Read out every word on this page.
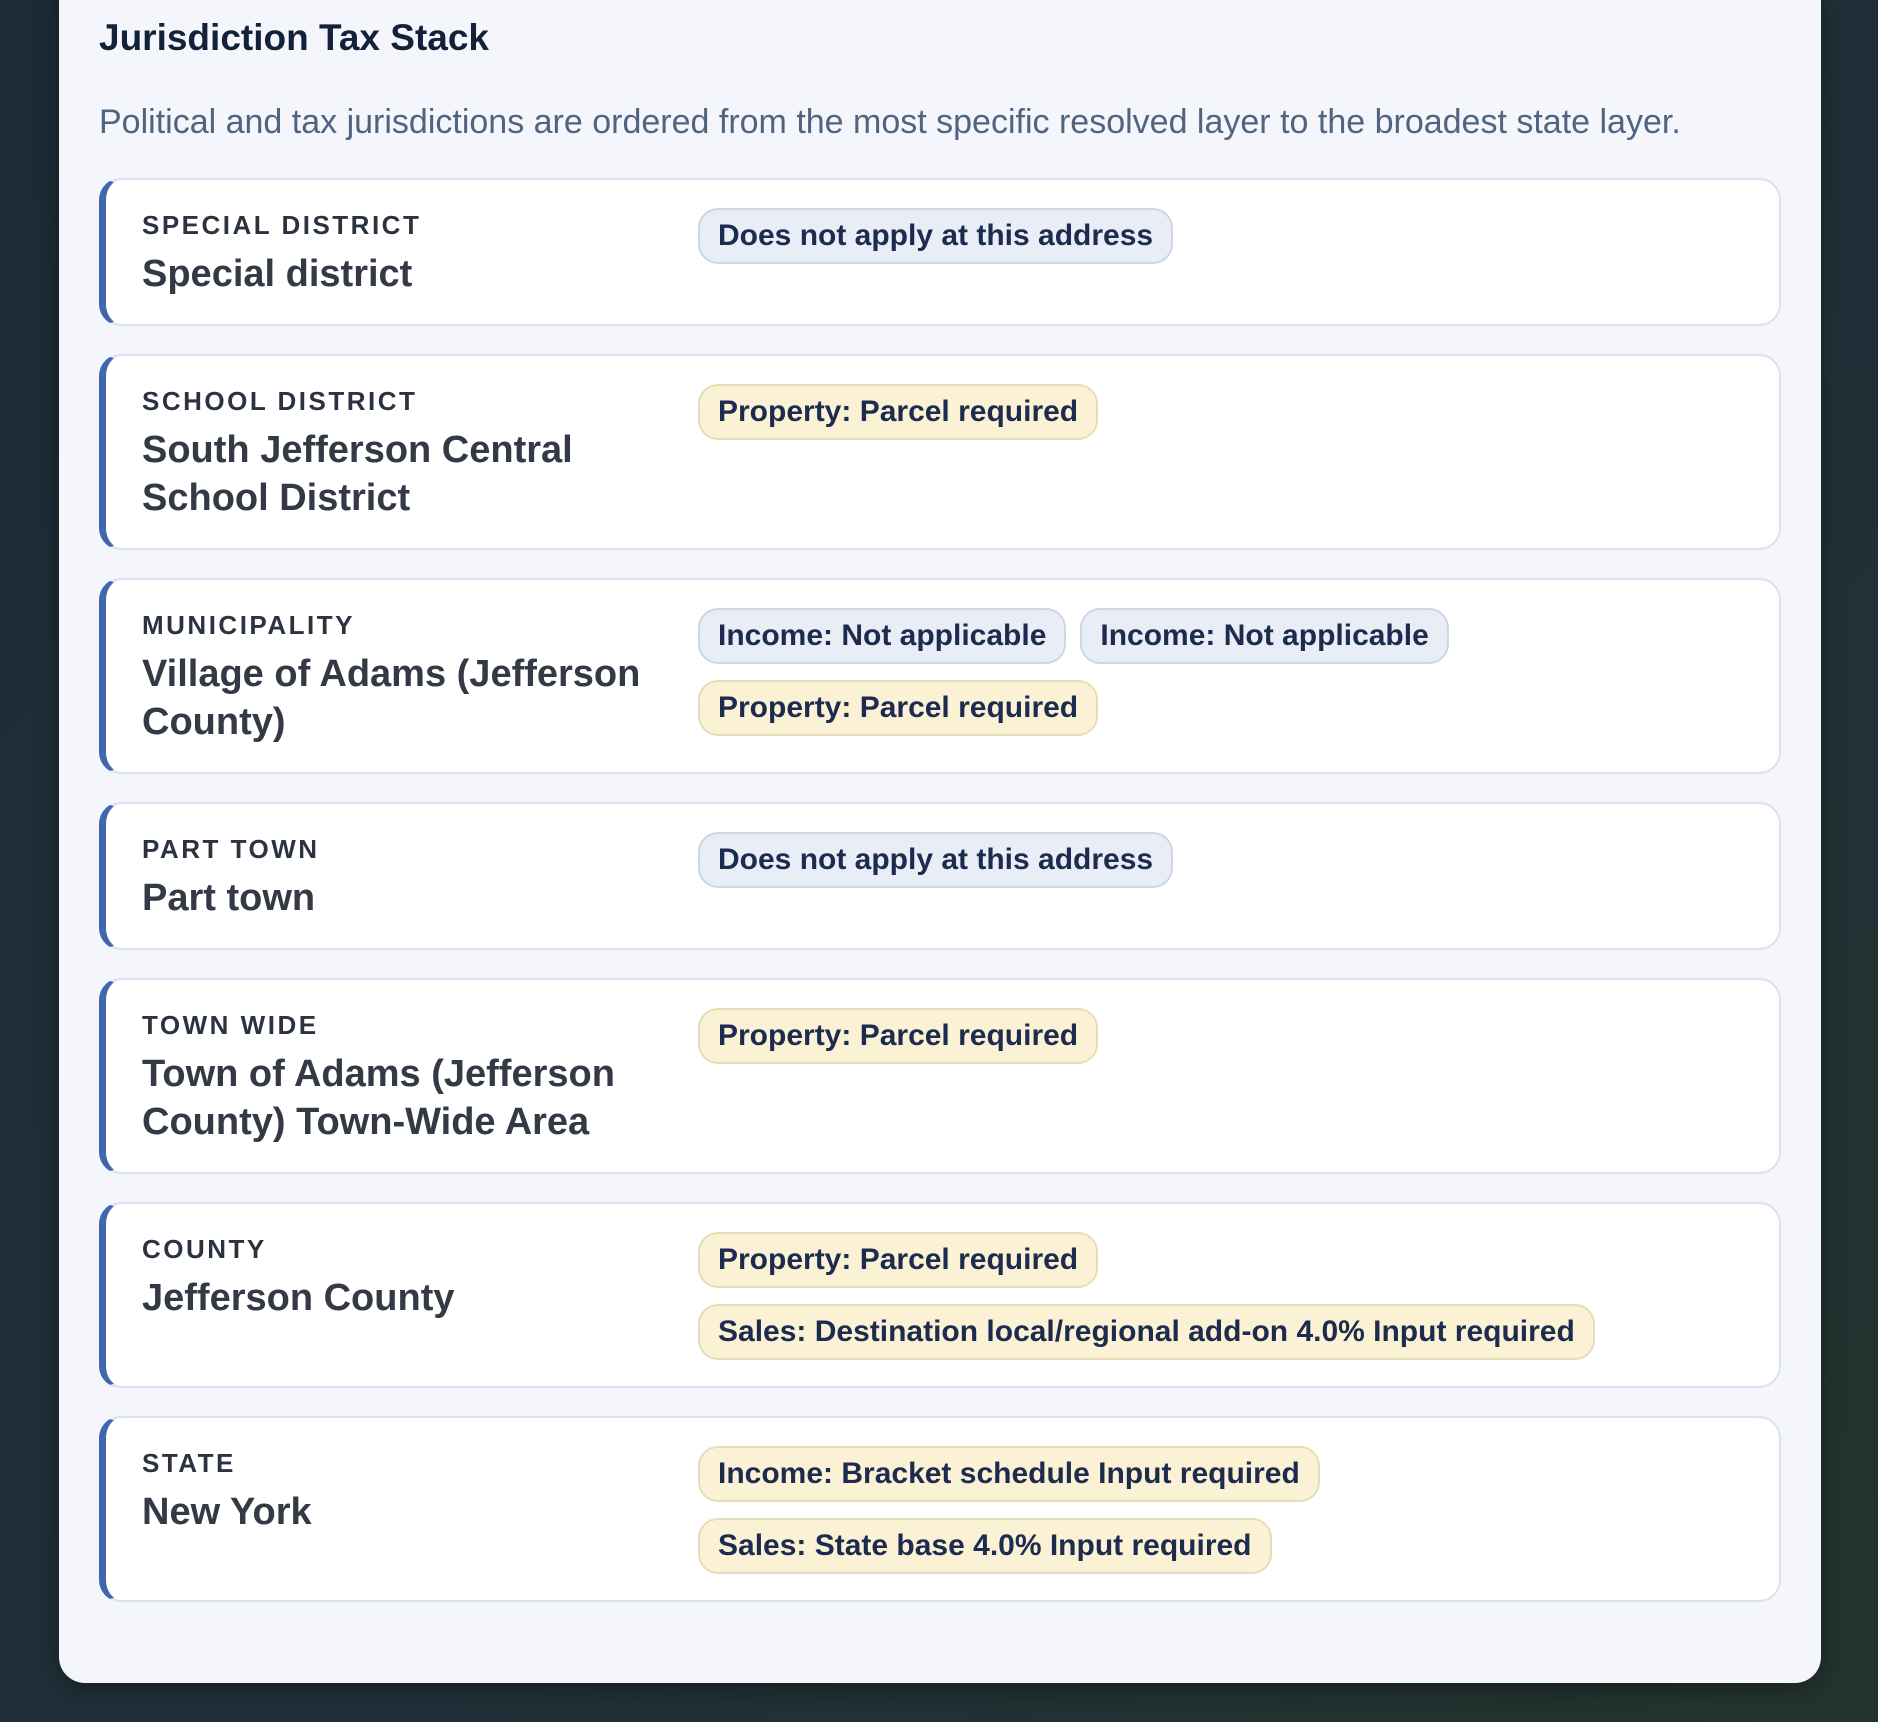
Jurisdiction Tax Stack

Political and tax jurisdictions are ordered from the most specific resolved layer to the broadest state layer.

SPECIAL DISTRICT
Special district
Does not apply at this address
SCHOOL DISTRICT
South Jefferson Central School District
Property: Parcel required
MUNICIPALITY
Village of Adams (Jefferson County)
Income: Not applicable	Income: Not applicable
Property: Parcel required
PART TOWN
Part town
Does not apply at this address
TOWN WIDE
Town of Adams (Jefferson County) Town-Wide Area
Property: Parcel required
COUNTY
Jefferson County
Property: Parcel required
Sales: Destination local/regional add-on 4.0% Input required
STATE
New York
Income: Bracket schedule Input required
Sales: State base 4.0% Input required
